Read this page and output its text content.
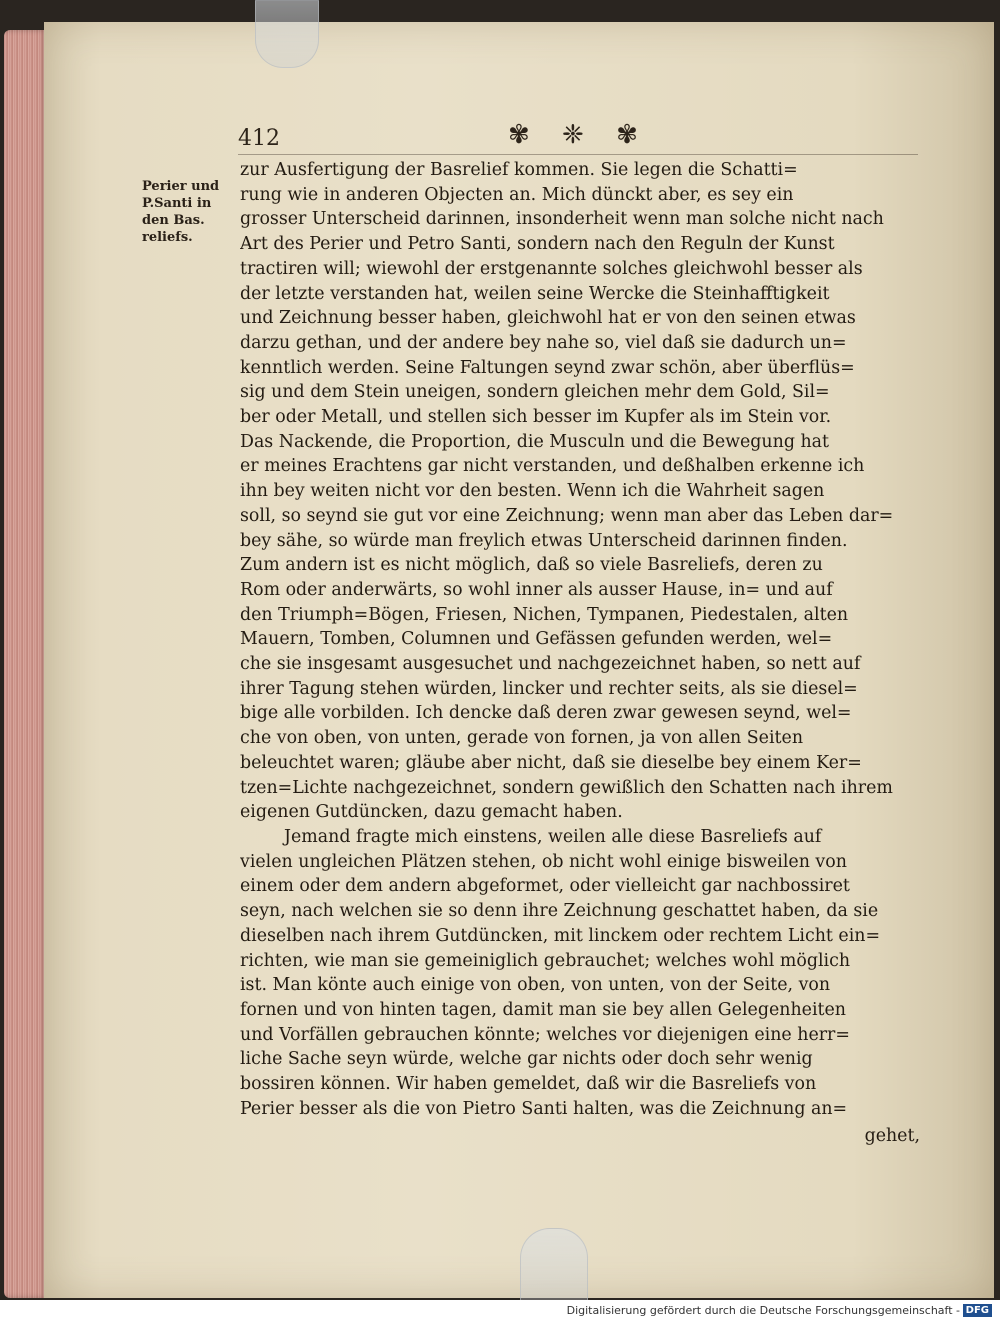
412	✾ ❈ ✾
Perier und
P.Santi in
den Bas.
reliefs.
zur Ausfertigung der Basrelief kommen. Sie legen die Schatti=
rung wie in anderen Objecten an. Mich dünckt aber, es sey ein
grosser Unterscheid darinnen, insonderheit wenn man solche nicht nach
Art des Perier und Petro Santi, sondern nach den Reguln der Kunst
tractiren will; wiewohl der erstgenannte solches gleichwohl besser als
der letzte verstanden hat, weilen seine Wercke die Steinhafftigkeit
und Zeichnung besser haben, gleichwohl hat er von den seinen etwas
darzu gethan, und der andere bey nahe so, viel daß sie dadurch un=
kenntlich werden. Seine Faltungen seynd zwar schön, aber überflüs=
sig und dem Stein uneigen, sondern gleichen mehr dem Gold, Sil=
ber oder Metall, und stellen sich besser im Kupfer als im Stein vor.
Das Nackende, die Proportion, die Musculn und die Bewegung hat
er meines Erachtens gar nicht verstanden, und deßhalben erkenne ich
ihn bey weiten nicht vor den besten. Wenn ich die Wahrheit sagen
soll, so seynd sie gut vor eine Zeichnung; wenn man aber das Leben dar=
bey sähe, so würde man freylich etwas Unterscheid darinnen finden.
Zum andern ist es nicht möglich, daß so viele Basreliefs, deren zu
Rom oder anderwärts, so wohl inner als ausser Hause, in= und auf
den Triumph=Bögen, Friesen, Nichen, Tympanen, Piedestalen, alten
Mauern, Tomben, Columnen und Gefässen gefunden werden, wel=
che sie insgesamt ausgesuchet und nachgezeichnet haben, so nett auf
ihrer Tagung stehen würden, lincker und rechter seits, als sie diesel=
bige alle vorbilden. Ich dencke daß deren zwar gewesen seynd, wel=
che von oben, von unten, gerade von fornen, ja von allen Seiten
beleuchtet waren; gläube aber nicht, daß sie dieselbe bey einem Ker=
tzen=Lichte nachgezeichnet, sondern gewißlich den Schatten nach ihrem
eigenen Gutdüncken, dazu gemacht haben.
Jemand fragte mich einstens, weilen alle diese Basreliefs auf
vielen ungleichen Plätzen stehen, ob nicht wohl einige bisweilen von
einem oder dem andern abgeformet, oder vielleicht gar nachbossiret
seyn, nach welchen sie so denn ihre Zeichnung geschattet haben, da sie
dieselben nach ihrem Gutdüncken, mit linckem oder rechtem Licht ein=
richten, wie man sie gemeiniglich gebrauchet; welches wohl möglich
ist. Man könte auch einige von oben, von unten, von der Seite, von
fornen und von hinten tagen, damit man sie bey allen Gelegenheiten
und Vorfällen gebrauchen könnte; welches vor diejenigen eine herr=
liche Sache seyn würde, welche gar nichts oder doch sehr wenig
bossiren können. Wir haben gemeldet, daß wir die Basreliefs von
Perier besser als die von Pietro Santi halten, was die Zeichnung an=
gehet,
Digitalisierung gefördert durch die Deutsche Forschungsgemeinschaft - DFG
